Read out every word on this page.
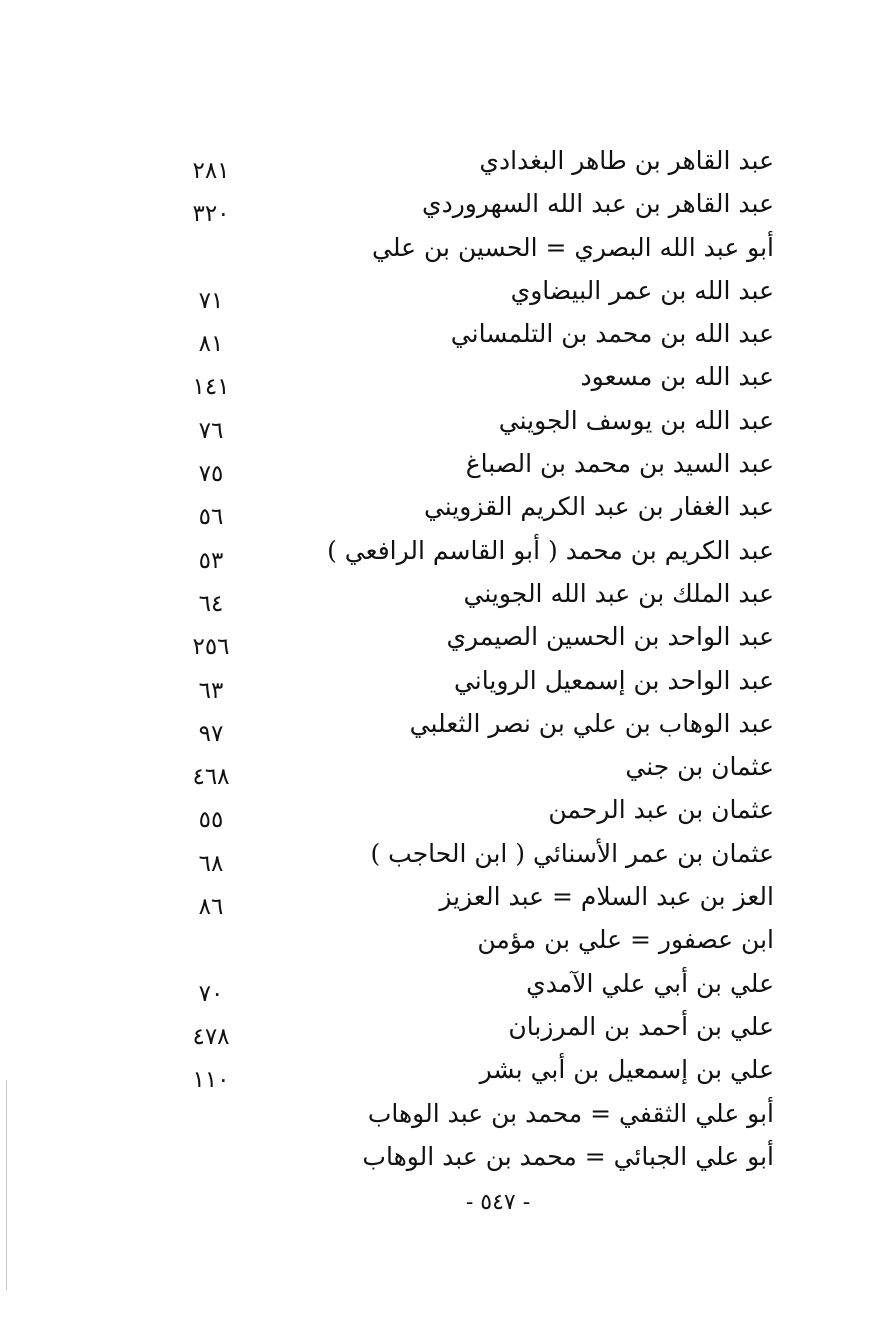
عبد القاهر بن طاهر البغدادي
٢٨١
عبد القاهر بن عبد الله السهروردي
٣٢٠
أبو عبد الله البصري = الحسين بن علي
عبد الله بن عمر البيضاوي
٧١
عبد الله بن محمد بن التلمساني
٨١
عبد الله بن مسعود
١٤١
عبد الله بن يوسف الجويني
٧٦
عبد السيد بن محمد بن الصباغ
٧٥
عبد الغفار بن عبد الكريم القزويني
٥٦
عبد الكريم بن محمد ( أبو القاسم الرافعي )
٥٣
عبد الملك بن عبد الله الجويني
٦٤
عبد الواحد بن الحسين الصيمري
٢٥٦
عبد الواحد بن إسمعيل الروياني
٦٣
عبد الوهاب بن علي بن نصر الثعلبي
٩٧
عثمان بن جني
٤٦٨
عثمان بن عبد الرحمن
٥٥
عثمان بن عمر الأسنائي ( ابن الحاجب )
٦٨
العز بن عبد السلام = عبد العزيز
٨٦
ابن عصفور = علي بن مؤمن
علي بن أبي علي الآمدي
٧٠
علي بن أحمد بن المرزبان
٤٧٨
علي بن إسمعيل بن أبي بشر
١١٠
أبو علي الثقفي = محمد بن عبد الوهاب
أبو علي الجبائي = محمد بن عبد الوهاب
- ٥٤٧ -
